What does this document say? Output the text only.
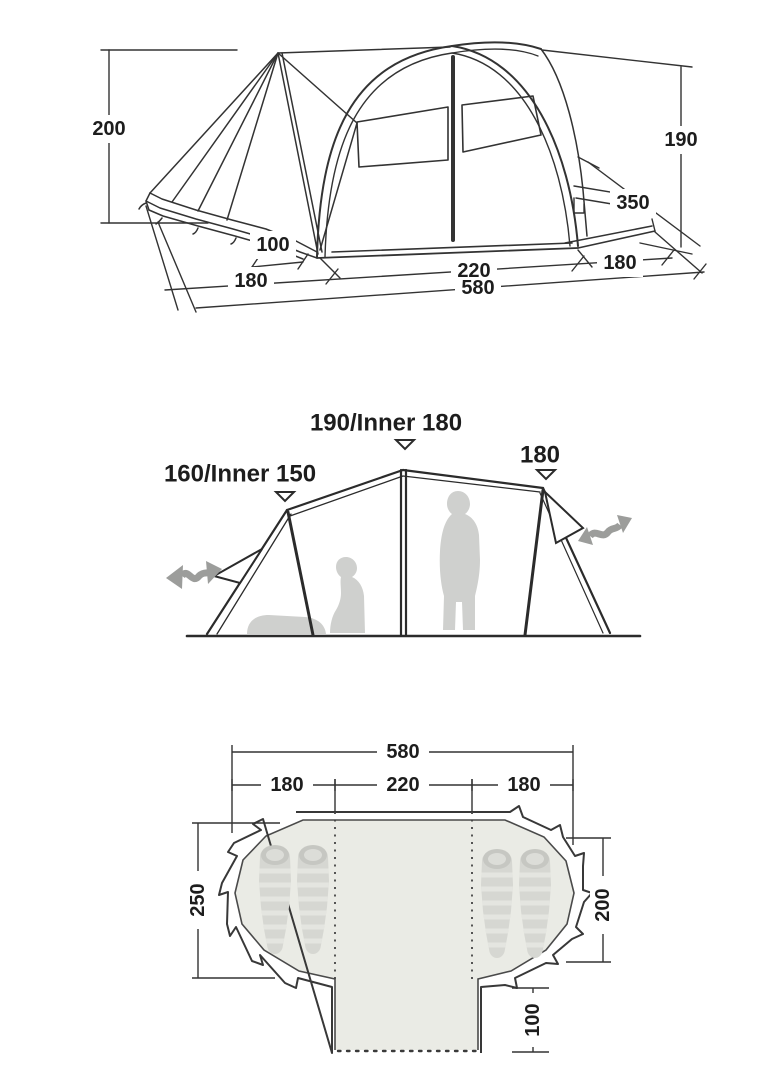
200	190
350
100
180	220	180
580
160/Inner 150
190/Inner 180
180
580
180	220	180
250	200
100
